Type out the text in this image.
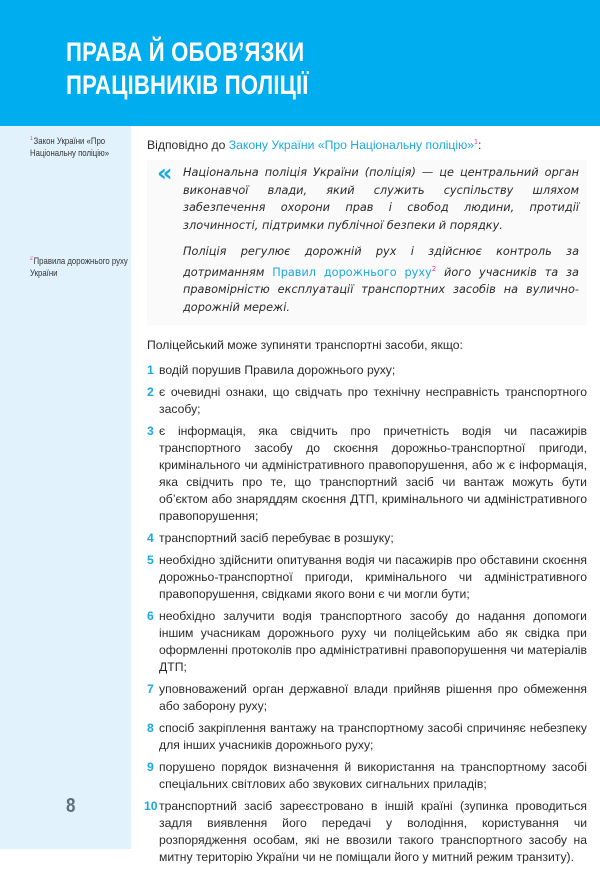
ПРАВА Й ОБОВ’ЯЗКИ
ПРАЦІВНИКІВ ПОЛІЦІЇ
$^1$Закон України «Про Національну поліцію»
$^2$Правила дорожнього руху України
8

Відповідно до Закону України «Про Національну поліцію»$^1$:

« Національна поліція України (поліція) — це центральний орган виконавчої влади, який служить суспільству шляхом забезпечення охорони прав і свобод людини, протидії злочинності, підтримки публічної безпеки й порядку.

Поліція регулює дорожній рух і здійснює контроль за дотриманням Правил дорожнього руху$^2$ його учасників та за правомірністю експлуатації транспортних засобів на вулично-дорожній мережі.

Поліцейський може зупиняти транспортні засоби, якщо:

1 водій порушив Правила дорожнього руху;
2 є очевидні ознаки, що свідчать про технічну несправність транспортного засобу;
3 є інформація, яка свідчить про причетність водія чи пасажирів транспортного засобу до скоєння дорожньо-транспортної пригоди, кримінального чи адміністративного правопорушення, або ж є інформація, яка свідчить про те, що транспортний засіб чи вантаж можуть бути об’єктом або знаряддям скоєння ДТП, кримінального чи адміністративного правопорушення;
4 транспортний засіб перебуває в розшуку;
5 необхідно здійснити опитування водія чи пасажирів про обставини скоєння дорожньо-транспортної пригоди, кримінального чи адміністративного правопорушення, свідками якого вони є чи могли бути;
6 необхідно залучити водія транспортного засобу до надання допомоги іншим учасникам дорожнього руху чи поліцейським або як свідка при оформленні протоколів про адміністративні правопорушення чи матеріалів ДТП;
7 уповноважений орган державної влади прийняв рішення про обмеження або заборону руху;
8 спосіб закріплення вантажу на транспортному засобі спричиняє небезпеку для інших учасників дорожнього руху;
9 порушено порядок визначення й використання на транспортному засобі спеціальних світлових або звукових сигнальних приладів;
10 транспортний засіб зареєстровано в іншій країні (зупинка проводиться задля виявлення його передачі у володіння, користування чи розпорядження особам, які не ввозили такого транспортного засобу на митну територію України чи не поміщали його у митний режим транзиту).
